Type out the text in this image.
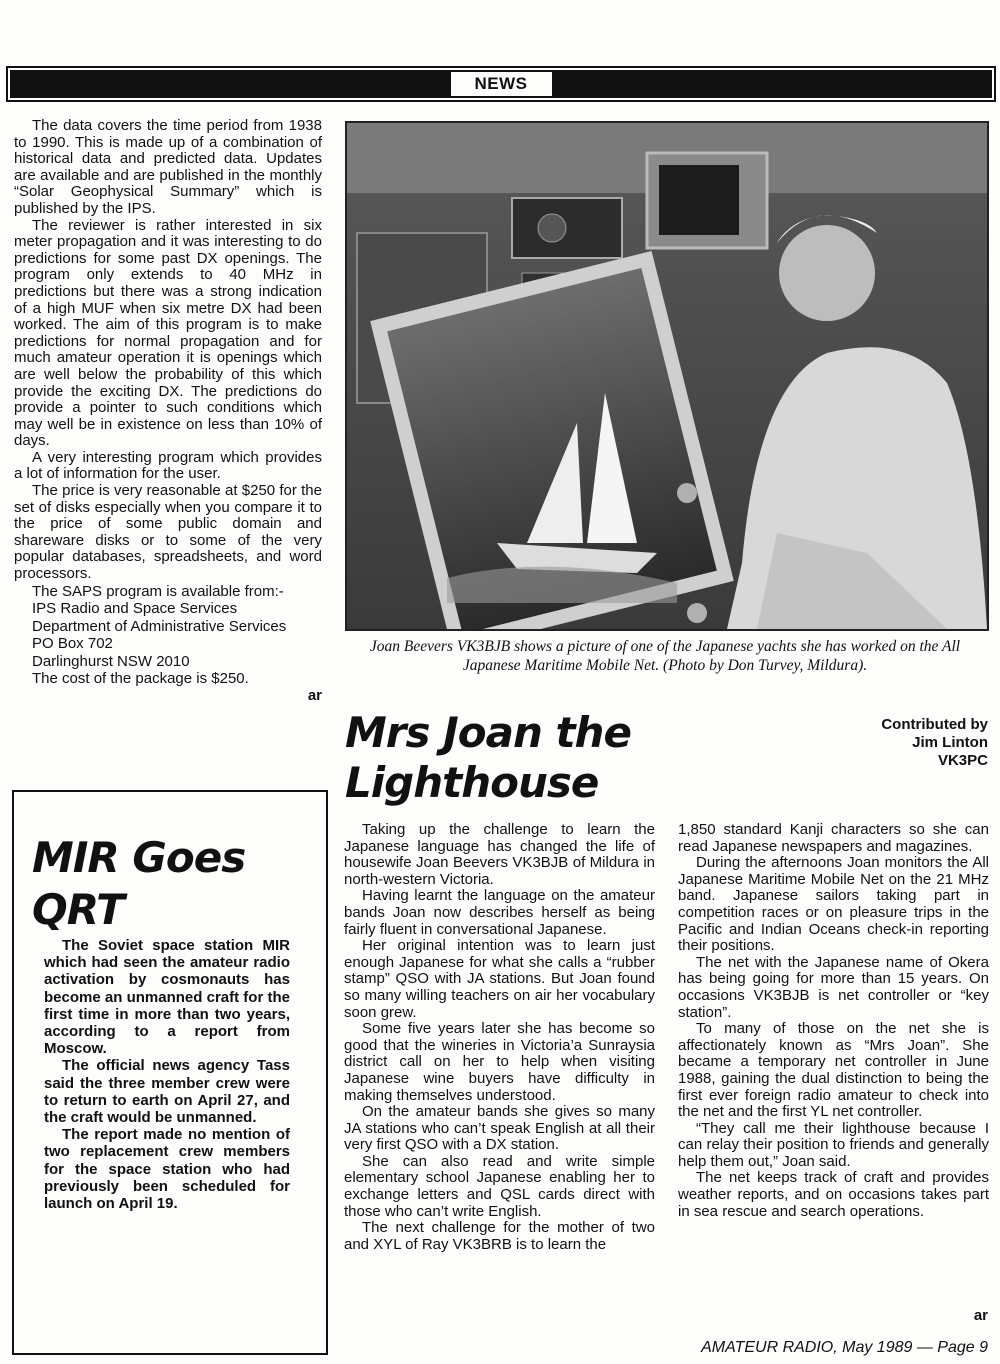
NEWS

The data covers the time period from 1938 to 1990. This is made up of a combination of historical data and predicted data. Updates are available and are published in the monthly “Solar Geophysical Summary” which is published by the IPS.

The reviewer is rather interested in six meter propagation and it was interesting to do predictions for some past DX openings. The program only extends to 40 MHz in predictions but there was a strong indication of a high MUF when six metre DX had been worked. The aim of this program is to make predictions for normal propagation and for much amateur operation it is openings which are well below the probability of this which provide the exciting DX. The predictions do provide a pointer to such conditions which may well be in existence on less than 10% of days.

A very interesting program which provides a lot of information for the user.

The price is very reasonable at $250 for the set of disks especially when you compare it to the price of some public domain and shareware disks or to some of the very popular databases, spreadsheets, and word processors.

The SAPS program is available from:-
IPS Radio and Space Services
Department of Administrative Services
PO Box 702
Darlinghurst NSW 2010
The cost of the package is $250.
ar
Joan Beevers VK3BJB shows a picture of one of the Japanese yachts she has worked on the All Japanese Maritime Mobile Net. (Photo by Don Turvey, Mildura).
Mrs Joan the Lighthouse
Contributed by
Jim Linton
VK3PC

Taking up the challenge to learn the Japanese language has changed the life of housewife Joan Beevers VK3BJB of Mildura in north-western Victoria.

Having learnt the language on the amateur bands Joan now describes herself as being fairly fluent in conversational Japanese.

Her original intention was to learn just enough Japanese for what she calls a “rubber stamp” QSO with JA stations. But Joan found so many willing teachers on air her vocabulary soon grew.

Some five years later she has become so good that the wineries in Victoria’a Sunraysia district call on her to help when visiting Japanese wine buyers have difficulty in making themselves understood.

On the amateur bands she gives so many JA stations who can’t speak English at all their very first QSO with a DX station.

She can also read and write simple elementary school Japanese enabling her to exchange letters and QSL cards direct with those who can’t write English.

The next challenge for the mother of two and XYL of Ray VK3BRB is to learn the

1,850 standard Kanji characters so she can read Japanese newspapers and magazines.

During the afternoons Joan monitors the All Japanese Maritime Mobile Net on the 21 MHz band. Japanese sailors taking part in competition races or on pleasure trips in the Pacific and Indian Oceans check-in reporting their positions.

The net with the Japanese name of Okera has being going for more than 15 years. On occasions VK3BJB is net controller or “key station”.

To many of those on the net she is affectionately known as “Mrs Joan”. She became a temporary net controller in June 1988, gaining the dual distinction to being the first ever foreign radio amateur to check into the net and the first YL net controller.

“They call me their lighthouse because I can relay their position to friends and generally help them out,” Joan said.

The net keeps track of craft and provides weather reports, and on occasions takes part in sea rescue and search operations.

ar
MIR Goes QRT

The Soviet space station MIR which had seen the amateur radio activation by cosmonauts has become an unmanned craft for the first time in more than two years, according to a report from Moscow.

The official news agency Tass said the three member crew were to return to earth on April 27, and the craft would be unmanned.

The report made no mention of two replacement crew members for the space station who had previously been scheduled for launch on April 19.

AMATEUR RADIO, May 1989 — Page 9
